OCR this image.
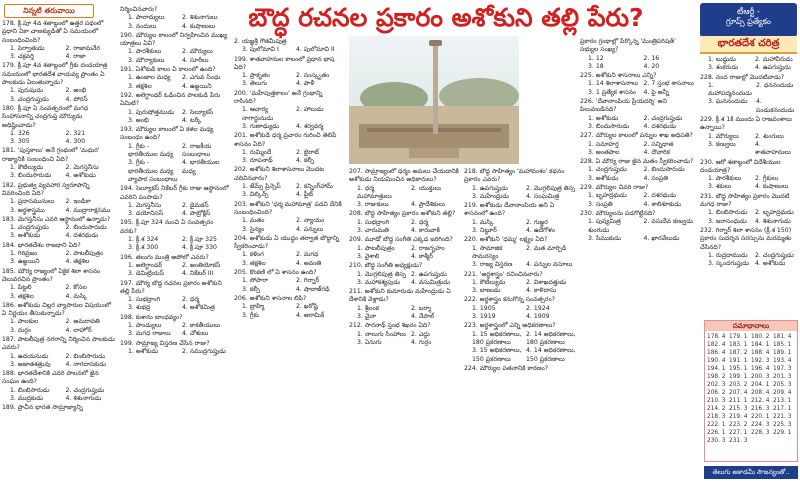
నిన్నటి తరువాయి	బౌద్ధ రచనల ప్రకారం అశోకుని తల్లి పేరు?	టీఆర్టీ -
గ్రూప్స్ ప్రత్యేకం
భారతదేశ చరిత్ర
178. క్రీ.పూ 4వ శతాబ్దంలో ఉత్తర పథంలో ప్రధాని ఏకా చాణక్యుడితో ఏ సమయంలో సంబంధించింది?
1. పెర్వాతుడు	2. రాజామనేర
3. చక్రవర్తి	4. రాజా
179. క్రీ.పూ 4వ శతాబ్దంలో గ్రీకు దండయాత్ర సమయంలో భారతదేశ వాయవ్య ప్రాంతం ఏ పాలకుడు ఏలుతున్నాడు?
1. పురుషుడు	2. అంభి
3. చంద్రగుప్తుడు	4. పోరస్
180. క్రీ.పూ ఏ సంవత్సరంలో మగధ సింహాసనాన్ని చంద్రగుప్త మౌర్యుడు అధిష్టించాడు?
1. 326	2. 321
3. 305	4. 300
181. 'పుస్తకాలు' అనే గ్రంథంలో 'మధుర' రాజ్యానికి సంబంధించి ఏది?
1. కౌటిల్యుడు	2. మెగస్తనీసు
3. బిందుసారుడు	4. అశోకుడు
182. ప్రభుత్వ వ్యవహార స్వరూపాన్ని వివరించింది ఏది?
1. ప్రదాసమునులు	2. ఇండికా
3. అర్థశాస్త్రము	4. ముద్రారాక్షసము
183. మెగస్తనీసు ఎవరి ఆస్థానంలో ఉన్నాడు?
1. చంద్రగుప్తుడు	2. బిందుసారుడు
3. అశోకుడు	4. దశరథుడు
184. భారతదేశం రాజధాని ఏది?
1. గిరివ్రజం	2. పాటలీపుత్రం
3. ఉజ్జయిని	4. తక్షశిల
185. మౌర్య రాజ్యంలో ఏకైక శిలా శాసనం వెలువరచిన ప్రాంతం?
1. పిట్టలి	2. కోసల
3. తక్షశిల	4. మస్కి
186. అశోకుడు చిల్లర వ్యాపారుల విషయంలో ఏ నిర్ణయం తీసుకున్నాడు?
1. పాలకుల	2. అమరావతి
3. దుర్గం	4. లాహోర్
187. పాటలీపుత్ర నగరాన్ని నిర్మించిన పాలకుడు ఎవరు?
1. ఉదయనుడు	2. బింబిసారుడు
3. అజాతశత్రువు	4. నాగదాసకుడు
188. భారతదేశానికి ఎవరి పాలనలో జైన సంఘం ఉంది?
1. బింబిసారుడు	2. చంద్రగుప్తుడు
3. ముద్రకుడు	4. శిశునాగుడు
189. ప్రాచీన భారత సామ్రాజ్యాన్ని
నిర్మించినవారు?
1. పాలాద్యులు	2. శిశునాగులు
3. నందులు	4. కుషాణులు
190. మౌర్యుల కాలంలో నిర్వహించిన ముఖ్య యాత్రలు ఏవి?
1. పారశీకులు	2. మౌర్యులు
3. మౌర్యాకులు	4. సూరీలు
191. ఏశోకుడి కాలం ఏ కాలంలో ఉంది?
1. ఉంజాల మధ్య	2. ఎగువ సింధు
3. తక్షశిల	4. ఉజ్జయిని
192. అలెగ్జాండర్ ఓడించిన పాలకుడి పేరు ఏమిటి?
1. పురుషోత్తముడు	2. సెల్యూకస్
3. అంభి	4. టర్కీ
193. మౌర్యుల కాలంలో ఏ కళల మధ్య సంబంధం ఉంది?
1. గ్రీకు - భారతీయుల మధ్య
2. రాజకీయ సంబంధాలు
3. గ్రీకు - భారతీయుల మధ్య వ్యాపార సంబంధాలు
4. భారతీయుల మధ్య
194. సెల్యూకస్ నికేటర్ గ్రీకు రాజు ఆస్థానంలో ఎవరిని పంపాడు?
1. మెగస్తనీసు	2. డైమకస్
3. డయోనిసస్	4. పాట్రోక్లిస్
195. క్రీ.పూ 324 నుంచి ఏ సంవత్సరం వరకు?
1. క్రీ.శ 324	2. క్రీ.పూ 325
3. క్రీ.శ 300	4. క్రీ.పూ 330
196. తలుగు మంత్రి అపోలో ఎవరు?
1. అలెగ్జాండర్	2. అంతియోకస్
3. డెమిట్రియస్	4. నికేటర్ III
197. మౌర్య బౌద్ధ రచనల ప్రకారం అశోకుని తల్లి పేరు?
1. సుభద్రాంగి	2. ధర్మ
3. శుభద్ర	4. అశోకమిత్ర
198. కుశాను బాంధవ్యం?
1. పాండ్యులు	2. కాకతీయులు
3. మగధ రాజులు	4. చోళులు
199. సామ్రాజ్య విస్తరణ చేసిన రాజు?
1. అశోకుడు	2. సముద్రగుప్తుడు
2. యజ్ఞశ్రీ గౌతమీపుత్ర
3. పులోమావి I	4. పులోమావి II
199. శాతవాహనుల కాలంలో ప్రధాన భాష ఏది?
1. ప్రాకృతం	2. సంస్కృతం
3. తెలుగు	4. పాళీ
200. 'మహీపుత్తకాలం' అనే గ్రంథాన్ని రాసినది?
1. ఆచార్య నాగార్జునుడు
2. హాలుడు
3. గుణాఢ్యుడు	4. శర్వవర్మ
201. అశోకుడి ధర్మ ప్రచారం గురించి తెలిపే శాసనం ఏది?
1. రుమ్మిందే	2. బైరాట్
3. రూపనాథ్	4. కల్సీ
202. అశోకుని శిలాశాసనాలు మొదట చదివినవారు?
1. జేమ్స్ ప్రిన్సెప్	2. కన్నింగ్‌హామ్
3. విల్కిన్స్	4. ఫ్లీట్
203. అశోకుని 'ధర్మ మహామాత్ర' పదవి దేనికి సంబంధించింది?
1. మతం	2. న్యాయం
3. సైన్యం	4. పన్నులు
204. అశోకుడు ఏ యుద్ధం తర్వాత బౌద్ధాన్ని స్వీకరించాడు?
1. కళింగ	2. మగధ
3. తక్షశిల	4. అవంతి
205. కొంకణి లో ఏ శాసనం ఉంది?
1. సోపారా	2. గిర్నార్
3. కల్సీ	4. షాబాజ్‌గఢి
206. అశోకుని శాసనాల లిపి?
1. బ్రాహ్మి	2. ఖరోష్టి
3. గ్రీకు	4. అరామిక్
207. సామ్రాజ్యంలో ధర్మం అమలు చేయడానికి అశోకుడు నియమించిన అధికారులు?
1. ధర్మ మహామాత్రులు
2. యుక్తులు
3. రాజుకులు	4. ప్రాదేశికులు
208. బౌద్ధ సాహిత్యం ప్రకారం అశోకుని తల్లి?
1. సుభద్రాంగి	2. ధర్మ
3. చారుమతి	4. కారువాకి
209. మూడో బౌద్ధ సంగీతి ఎక్కడ జరిగింది?
1. పాటలీపుత్రం	2. రాజగృహం
3. వైశాలి	4. కాశ్మీర్
210. బౌద్ధ సంగీతి అధ్యక్షుడు?
1. మొగ్గలిపుత్ర తిస్స 2. ఉపగుప్తుడు
3. మహాకశ్యపుడు	4. వసుమిత్రుడు
211. అశోకుని కుమారుడు మహేంద్రుడు ఏ దేశానికి వెళ్లాడు?
1. శ్రీలంక	2. బర్మా
3. చైనా	4. నేపాల్
212. సారనాథ్ స్తంభ శిఖరం ఏది?
1. నాలుగు సింహాలు 2. ఎద్దు
3. ఏనుగు	4. గుర్రం
218. బౌద్ధ సాహిత్యం 'మహావంశం' కథనం ప్రకారం ఎవరు?
1. ఉపగుప్తుడు	2. మొగ్గలిపుత్ర తిస్స
3. మహేంద్రుడు	4. సంఘమిత్ర
219. అశోకుడు దేవానాంపియ అని ఏ శాసనంలో ఉంది?
1. మస్కి	2. గుజ్జర
3. నిట్టూర్	4. ఉదేగోళం
220. అశోకుని 'ధమ్మ' లక్ష్యం ఏది?
1. సామాజిక సామరస్యం
2. మత మార్పిడి
3. రాజ్య విస్తరణ	4. పన్నుల వసూలు
221. 'అర్థశాస్త్రం' రచించినవారు?
1. కౌటిల్యుడు	2. విశాఖదత్తుడు
3. బాణుడు	4. కాళిదాసు
222. అర్థశాస్త్రం కనుగొన్న సంవత్సరం?
1. 1905	2. 1924
3. 1919	4. 1909
223. అర్థశాస్త్రంలో ఎన్ని అధికరణాలు?
1. 15 అధికరణాలు, 180 ప్రకరణాలు
2. 14 అధికరణాలు, 180 ప్రకరణాలు
3. 15 అధికరణాలు, 150 ప్రకరణాలు
4. 14 అధికరణాలు, 150 ప్రకరణాలు
224. మౌర్యుల పతనానికి కారణం?
ప్రకారం గ్రంథాల్లో పేర్కొన్న 'మంత్రిపరిషత్' సభ్యుల సంఖ్య?
1. 12	2. 16
3. 18	4. 20
225. అశోకుని శాసనాలు ఎన్ని?
1. 14 శిలాశాసనాలు 2. 7 స్తంభ శాసనాలు
3. 1 ప్రత్యేక శాసనం	4. పై అన్నీ
226. 'దేవానాంపియ ప్రియదర్శి' అని పిలువబడినది?
1. అశోకుడు	2. చంద్రగుప్తుడు
3. బిందుసారుడు	4. దశరథుడు
227. మౌర్యుల కాలంలో పన్నుల శాఖ అధిపతి?
1. సమాహర్త	2. సన్నిధాత
3. అంతపాల	4. దౌవారిక
228. ఏ మౌర్య రాజు జైన మతం స్వీకరించాడు?
1. చంద్రగుప్తుడు	2. బిందుసారుడు
3. అశోకుడు	4. సంప్రతి
229. మౌర్యుల చివరి రాజు?
1. బృహద్రథుడు	2. దశరథుడు
3. సంప్రతి	4. శాలిశూకుడు
230. మౌర్యులను పడగొట్టినది?
1. పుష్యమిత్ర శుంగుడు
2. వసుదేవ కణ్వుడు
3. సిముకుడు	4. ఖారవేలుడు
1. బుద్ధుడు	2. మహావీరుడు
3. శంకరుడు	4. ఉపగుప్తుడు
228. నంద రాజుల్లో మొదటివాడు?
1. మహాపద్మనందుడు
2. ధననందుడు
3. ఘననందుడు	4. పండుకనందుడు
229. క్రీ.శ 1కి ముందు ఏ రాజవంశాలు ఉన్నాయి?
1. మౌర్యులు	2. శుంగులు
3. కణ్వులు	4. శాతవాహనులు
230. ఆరో శతాబ్దంలో విదేశీయుల దండయాత్ర?
1. పారశీకులు	2. గ్రీకులు
3. శకులు	4. కుషాణులు
231. బౌద్ధ సాహిత్యం ప్రకారం మొదటి మగధ రాజు?
1. బింబిసారుడు	2. బృహద్రథుడు
3. జరాసంధుడు	4. శిశునాగుడు
232. గిర్నార్ శిలా శాసనం (క్రీ.శ 150) ప్రకారం సుదర్శన సరస్సును మరమ్మతు చేసినది?
1. రుద్రదాముడు	2. చంద్రగుప్తుడు
3. స్కందగుప్తుడు 4. అశోకుడు
సమాధానాలు
178. 4 179. 1 180. 2 181. 4
182. 4 183. 1 184. 1 185. 1
186. 4 187. 2 188. 4 189. 1
190. 4 191. 1 192. 3 193. 4
194. 1 195. 1 196. 4 197. 3
198. 2 199. 1 200. 3 201. 3
202. 3 203. 2 204. 1 205. 3
206. 2 207. 4 208. 4 209. 4
210. 3 211. 1 212. 4 213. 1
214. 2 215. 3 216. 3 217. 1
218. 3 219. 4 220. 1 221. 3
222. 1 223. 2 224. 3 225. 3
226. 1 227. 1 228. 3 229. 1
230. 3 231. 3
తెలుగు అకాడమీ సౌజన్యంతో..
